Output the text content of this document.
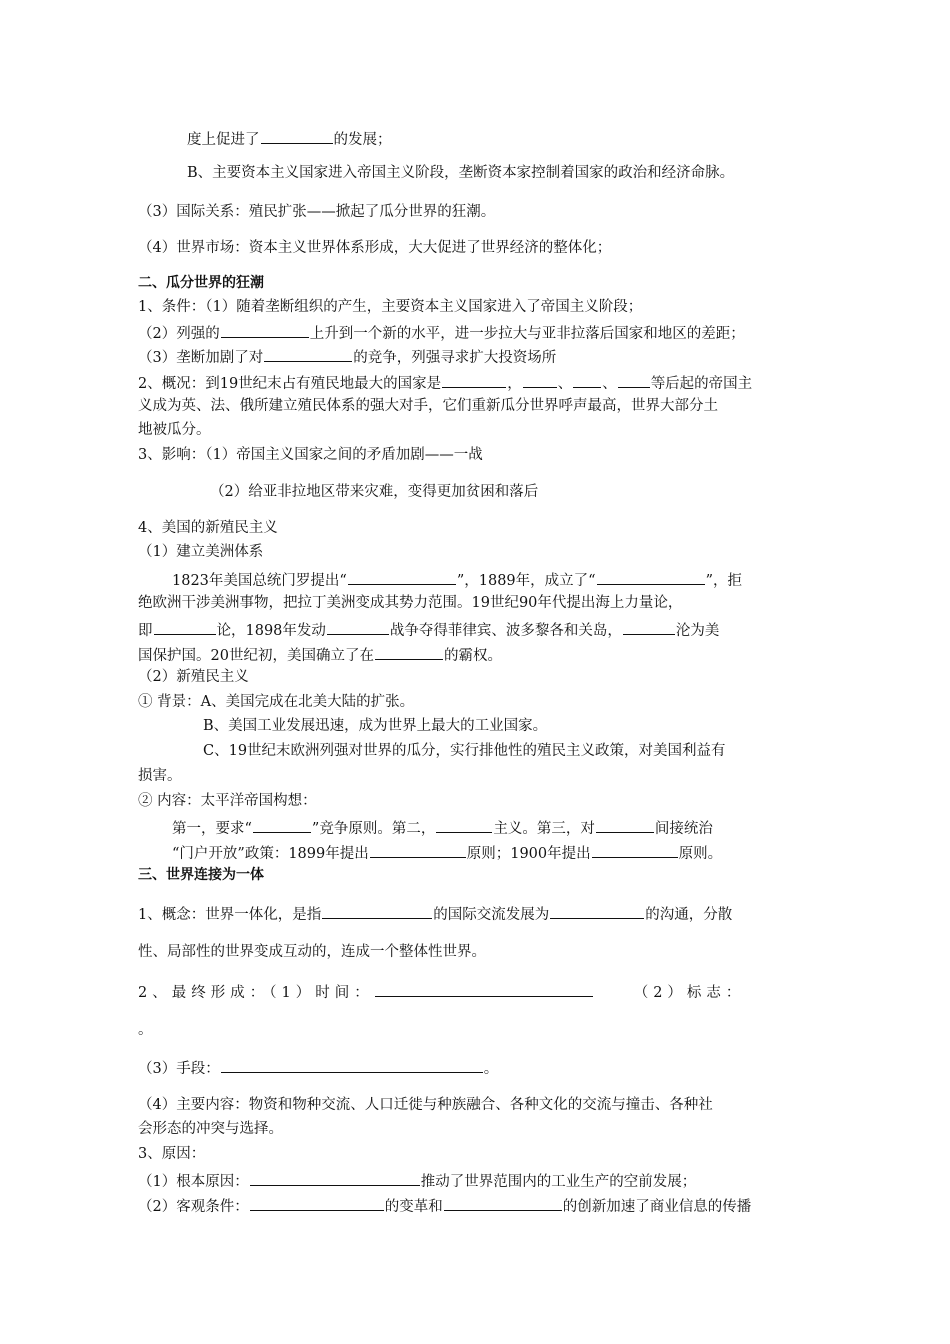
度上促进了	的发展；
B、主要资本主义国家进入帝国主义阶段，垄断资本家控制着国家的政治和经济命脉。
（3）国际关系：殖民扩张——掀起了瓜分世界的狂潮。
（4）世界市场：资本主义世界体系形成，大大促进了世界经济的整体化；
二、瓜分世界的狂潮
1、条件：（1）随着垄断组织的产生，主要资本主义国家进入了帝国主义阶段；
（2）列强的	上升到一个新的水平，进一步拉大与亚非拉落后国家和地区的差距；
（3）垄断加剧了对	的竞争，列强寻求扩大投资场所
2、概况：到19世纪末占有殖民地最大的国家是	， 、 、 等后起的帝国主
义成为英、法、俄所建立殖民体系的强大对手，它们重新瓜分世界呼声最高，世界大部分土
地被瓜分。
3、影响：（1）帝国主义国家之间的矛盾加剧——一战
（2）给亚非拉地区带来灾难，变得更加贫困和落后
4、美国的新殖民主义
（1）建立美洲体系
1823年美国总统门罗提出“	”，1889年，成立了“	”，拒
绝欧洲干涉美洲事物，把拉丁美洲变成其势力范围。19世纪90年代提出海上力量论，
即	论，1898年发动	战争夺得菲律宾、波多黎各和关岛，	沦为美
国保护国。20世纪初，美国确立了在	的霸权。
（2）新殖民主义
① 背景：A、美国完成在北美大陆的扩张。
B、美国工业发展迅速，成为世界上最大的工业国家。
C、19世纪末欧洲列强对世界的瓜分，实行排他性的殖民主义政策，对美国利益有
损害。
② 内容：太平洋帝国构想：
第一，要求“	”竞争原则。第二，	主义。第三，对	间接统治
“门户开放”政策：1899年提出	原则；1900年提出	原则。
三、世界连接为一体
1、概念：世界一体化，是指	的国际交流发展为	的沟通，分散
性、局部性的世界变成互动的，连成一个整体性世界。
2、最终形成：（1）时间：	（2）标志：
。
（3）手段：	。
（4）主要内容：物资和物种交流、人口迁徙与种族融合、各种文化的交流与撞击、各种社
会形态的冲突与选择。
3、原因：
（1）根本原因：	推动了世界范围内的工业生产的空前发展；
（2）客观条件：	的变革和	的创新加速了商业信息的传播
